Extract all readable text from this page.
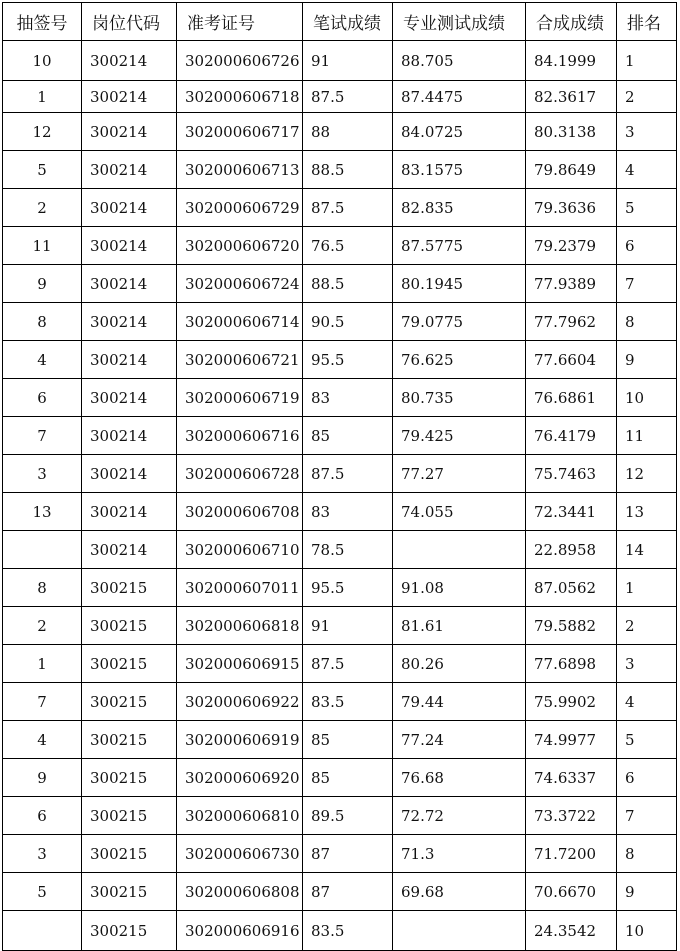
抽签号	岗位代码	准考证号	笔试成绩	专业测试成绩	合成成绩	排名
10	300214	302000606726	91	88.705	84.1999	1
1	300214	302000606718	87.5	87.4475	82.3617	2
12	300214	302000606717	88	84.0725	80.3138	3
5	300214	302000606713	88.5	83.1575	79.8649	4
2	300214	302000606729	87.5	82.835	79.3636	5
11	300214	302000606720	76.5	87.5775	79.2379	6
9	300214	302000606724	88.5	80.1945	77.9389	7
8	300214	302000606714	90.5	79.0775	77.7962	8
4	300214	302000606721	95.5	76.625	77.6604	9
6	300214	302000606719	83	80.735	76.6861	10
7	300214	302000606716	85	79.425	76.4179	11
3	300214	302000606728	87.5	77.27	75.7463	12
13	300214	302000606708	83	74.055	72.3441	13
	300214	302000606710	78.5		22.8958	14
8	300215	302000607011	95.5	91.08	87.0562	1
2	300215	302000606818	91	81.61	79.5882	2
1	300215	302000606915	87.5	80.26	77.6898	3
7	300215	302000606922	83.5	79.44	75.9902	4
4	300215	302000606919	85	77.24	74.9977	5
9	300215	302000606920	85	76.68	74.6337	6
6	300215	302000606810	89.5	72.72	73.3722	7
3	300215	302000606730	87	71.3	71.7200	8
5	300215	302000606808	87	69.68	70.6670	9
	300215	302000606916	83.5		24.3542	10
